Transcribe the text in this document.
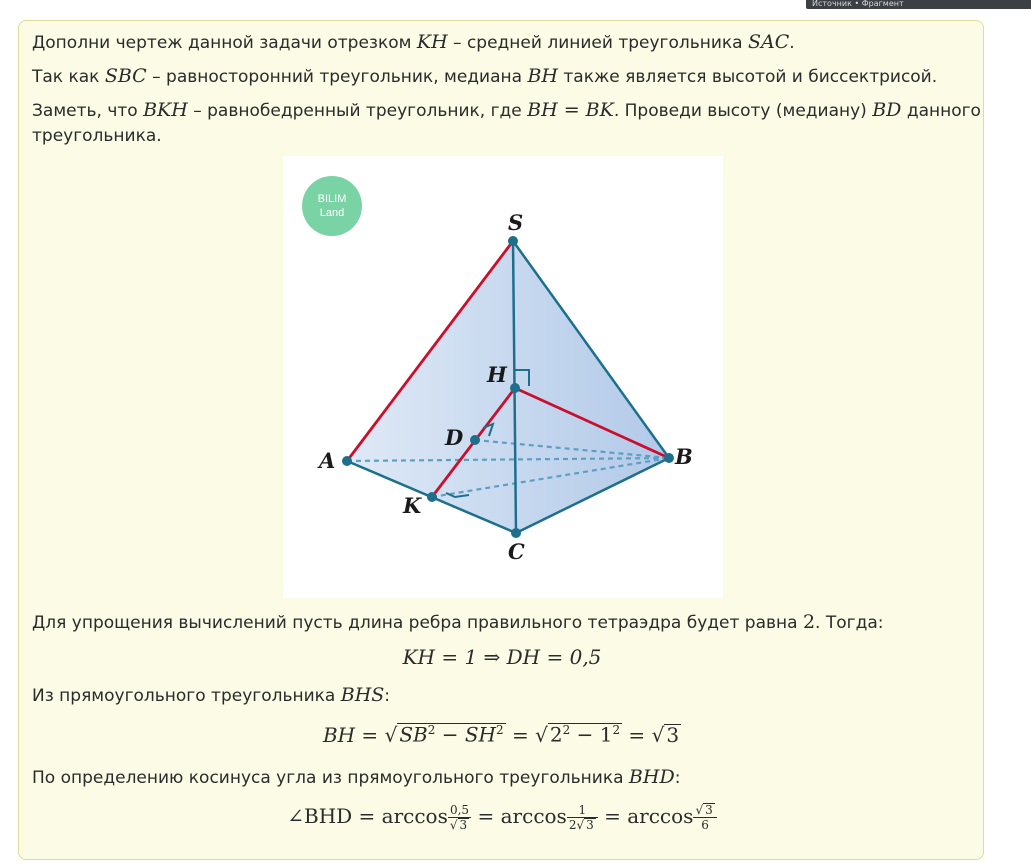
Источник • Фрагмент
Дополни чертеж данной задачи отрезком KH – средней линией треугольника SAC.
Так как SBC – равносторонний треугольник, медиана BH также является высотой и биссектрисой.
Заметь, что BKH – равнобедренный треугольник, где BH = BK. Проведи высоту (медиану) BD данного
треугольника.
S
H
D
A	B
K
C
BILIM
Land
Для упрощения вычислений пусть длина ребра правильного тетраэдра будет равна 2. Тогда:
KH = 1 ⇒ DH = 0,5
Из прямоугольного треугольника BHS:
BH = √ $SB^2 - SH^2$ = √ $2^2 - 1^2$ = √ 3
По определению косинуса угла из прямоугольного треугольника BHD:
∠BHD = $\arccos \frac{0,5}{√ 3} = \arccos \frac{1}{2√ 3} = \arccos \frac{√ 3}{6}$
